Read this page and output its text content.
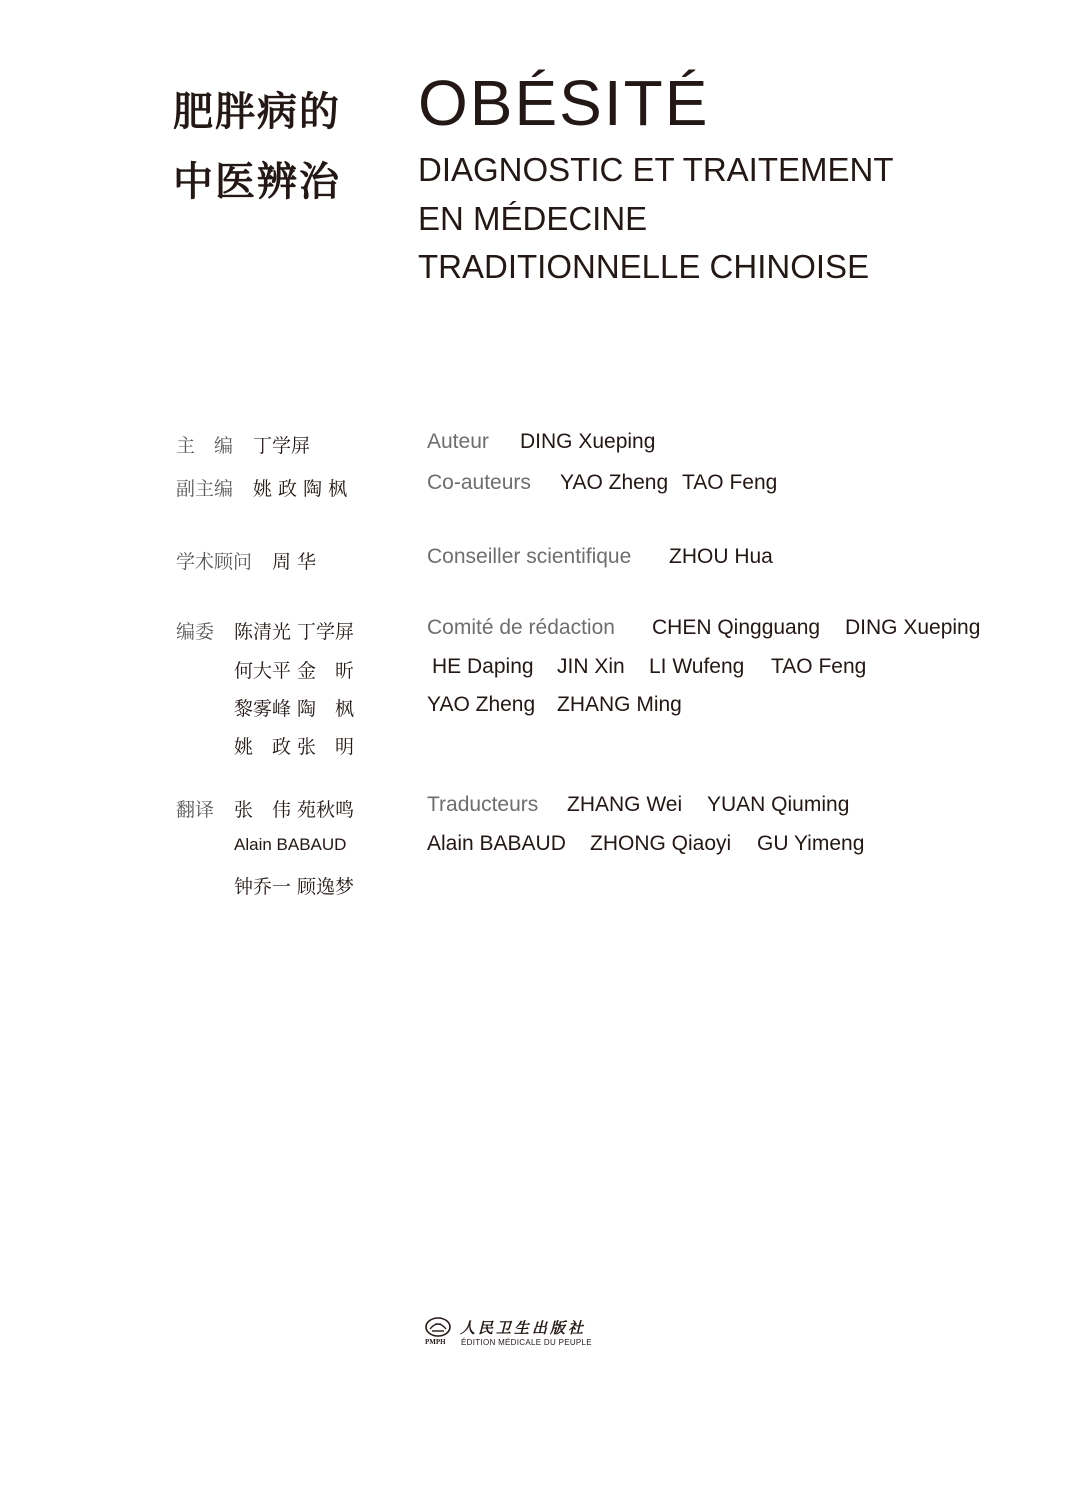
肥胖病的
中医辨治
OBÉSITÉ
DIAGNOSTIC ET TRAITEMENT
EN MÉDECINE
TRADITIONNELLE CHINOISE
主　编 丁学屏
副主编 姚 政 陶 枫
学术顾问 周 华
编委 陈清光 丁学屏
何大平 金　昕
黎雾峰 陶　枫
姚　政 张　明
翻译 张　伟 苑秋鸣
Alain BABAUD
钟乔一 顾逸梦
Auteur DING Xueping
Co-auteurs YAO Zheng TAO Feng
Conseiller scientifique ZHOU Hua
Comité de rédaction CHEN Qingguang DING Xueping
HE Daping JIN Xin LI Wufeng TAO Feng
YAO Zheng ZHANG Ming
Traducteurs ZHANG Wei YUAN Qiuming
Alain BABAUD ZHONG Qiaoyi GU Yimeng
PMPH
人民卫生出版社
ÉDITION MÉDICALE DU PEUPLE
